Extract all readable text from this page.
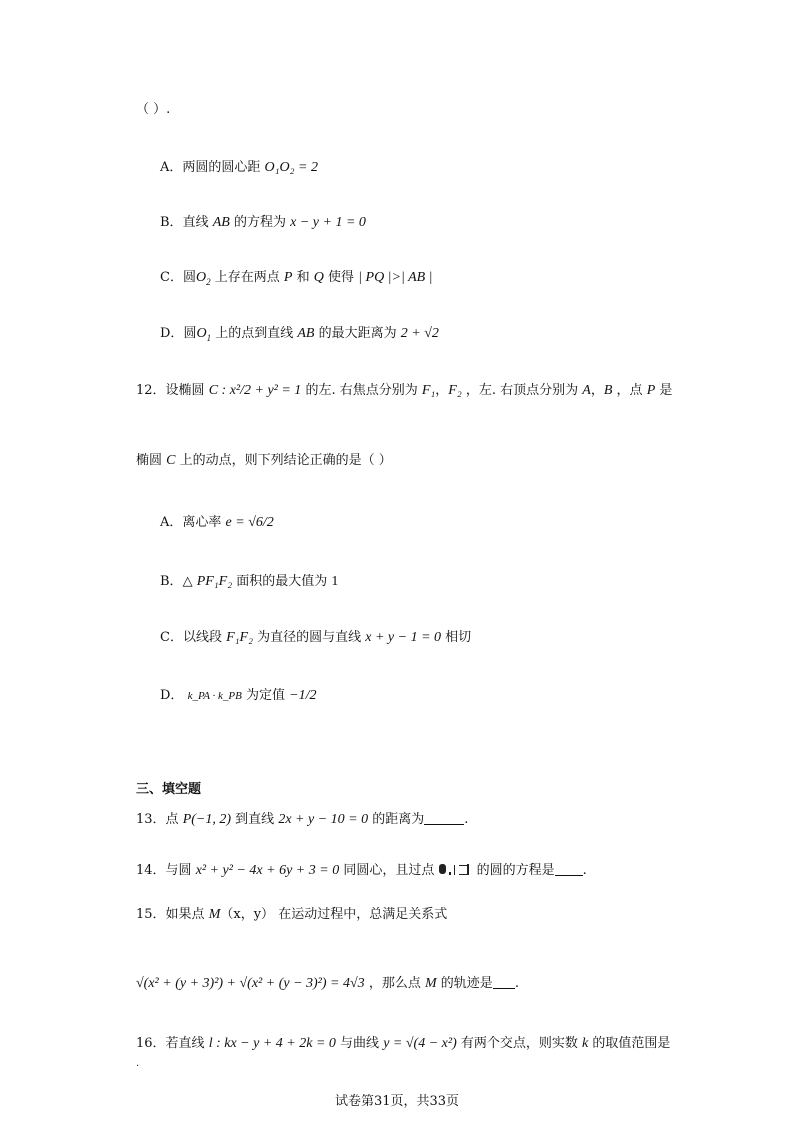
（ ）.
A．两圆的圆心距 O₁O₂ = 2
B．直线 AB 的方程为 x − y + 1 = 0
C．圆$O_2$ 上存在两点 P 和 Q 使得 | PQ |>| AB |
D．圆$O_1$ 上的点到直线 AB 的最大距离为 2 + √2
12．设椭圆 C : x²/2 + y² = 1 的左. 右焦点分别为 F₁，F₂ ，左. 右顶点分别为 A，B ，点 P 是
椭圆 C 上的动点，则下列结论正确的是（ ）
A．离心率 e = √6/2
B．△ PF₁F₂ 面积的最大值为 1
C．以线段 F₁F₂ 为直径的圆与直线 x + y − 1 = 0 相切
D． k_PA · k_PB 为定值 −1/2
三、填空题
13．点 P(−1, 2) 到直线 2x + y − 10 = 0 的距离为	.
14．与圆 x² + y² − 4x + 6y + 3 = 0 同圆心，且过点	的圆的方程是 .
15．如果点 M（x，y） 在运动过程中，总满足关系式
√(x² + (y + 3)²) + √(x² + (y − 3)²) = 4√3 ，那么点 M 的轨迹是 .
16．若直线 l : kx − y + 4 + 2k = 0 与曲线 y = √(4 − x²) 有两个交点，则实数 k 的取值范围是
.
试卷第31页，共33页
